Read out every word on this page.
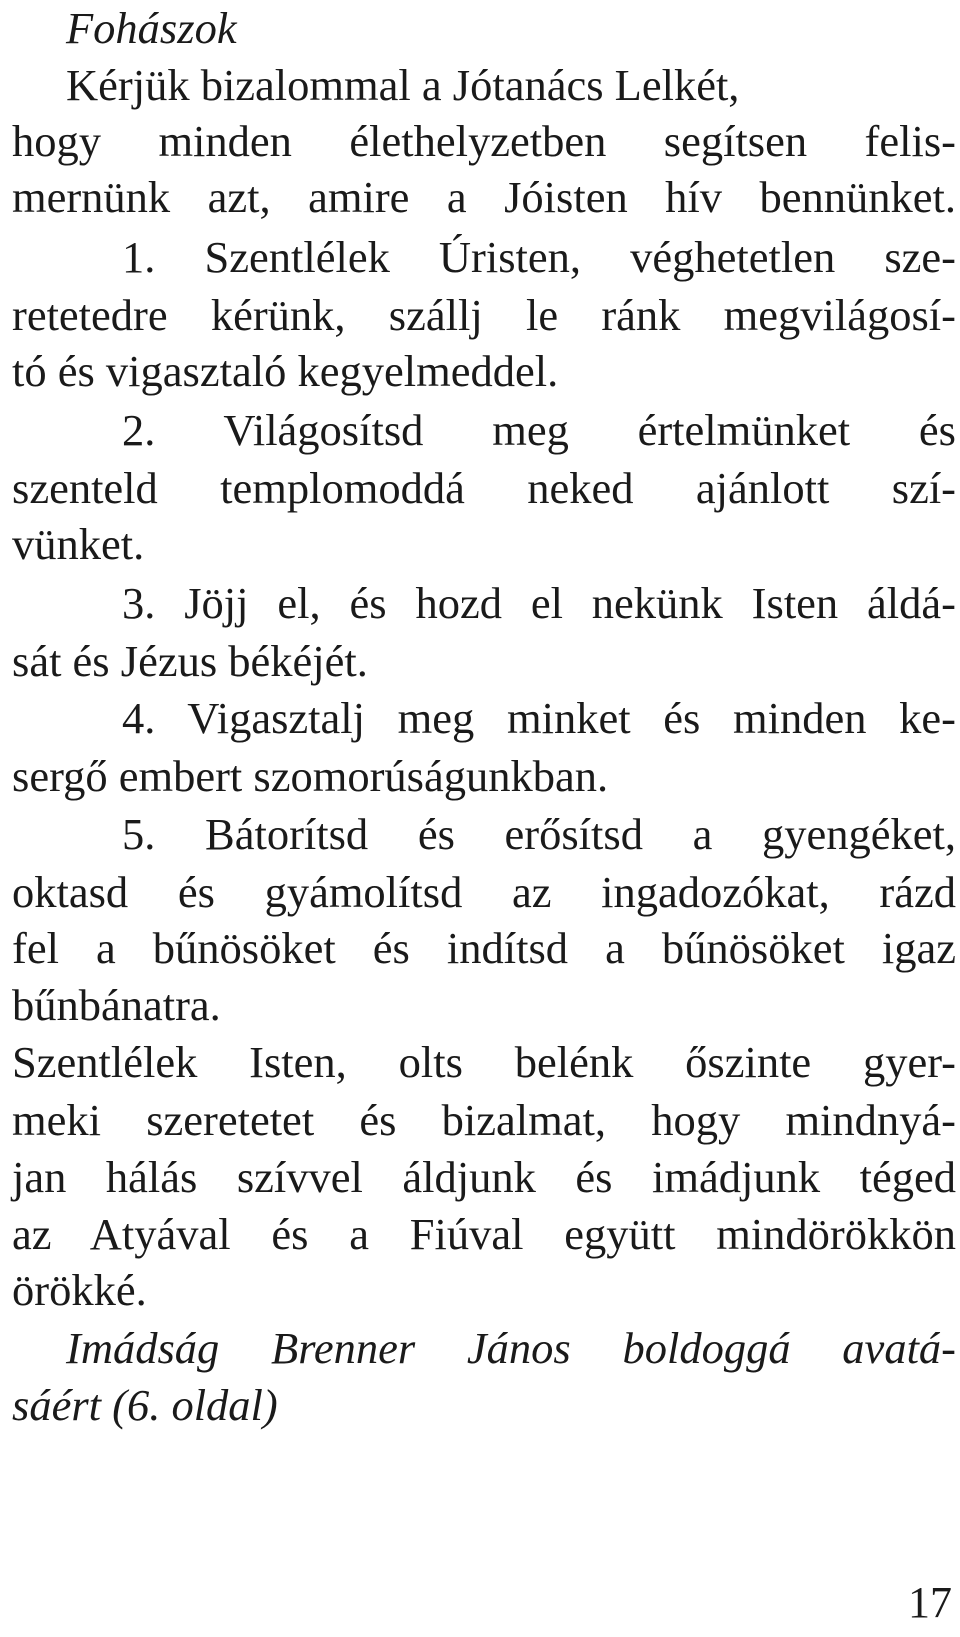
Fohászok
Kérjük bizalommal a Jótanács Lelkét,
hogy minden élethelyzetben segítsen felis-
mernünk azt, amire a Jóisten hív bennünket.
1. Szentlélek Úristen, véghetetlen sze-
retetedre kérünk, szállj le ránk megvilágosí-
tó és vigasztaló kegyelmeddel.
2. Világosítsd meg értelmünket és
szenteld templomoddá neked ajánlott szí-
vünket.
3. Jöjj el, és hozd el nekünk Isten áldá-
sát és Jézus békéjét.
4. Vigasztalj meg minket és minden ke-
sergő embert szomorúságunkban.
5. Bátorítsd és erősítsd a gyengéket,
oktasd és gyámolítsd az ingadozókat, rázd
fel a bűnösöket és indítsd a bűnösöket igaz
bűnbánatra.
Szentlélek Isten, olts belénk őszinte gyer-
meki szeretetet és bizalmat, hogy mindnyá-
jan hálás szívvel áldjunk és imádjunk téged
az Atyával és a Fiúval együtt mindörökkön
örökké.
Imádság Brenner János boldoggá avatá-
sáért (6. oldal)
17
